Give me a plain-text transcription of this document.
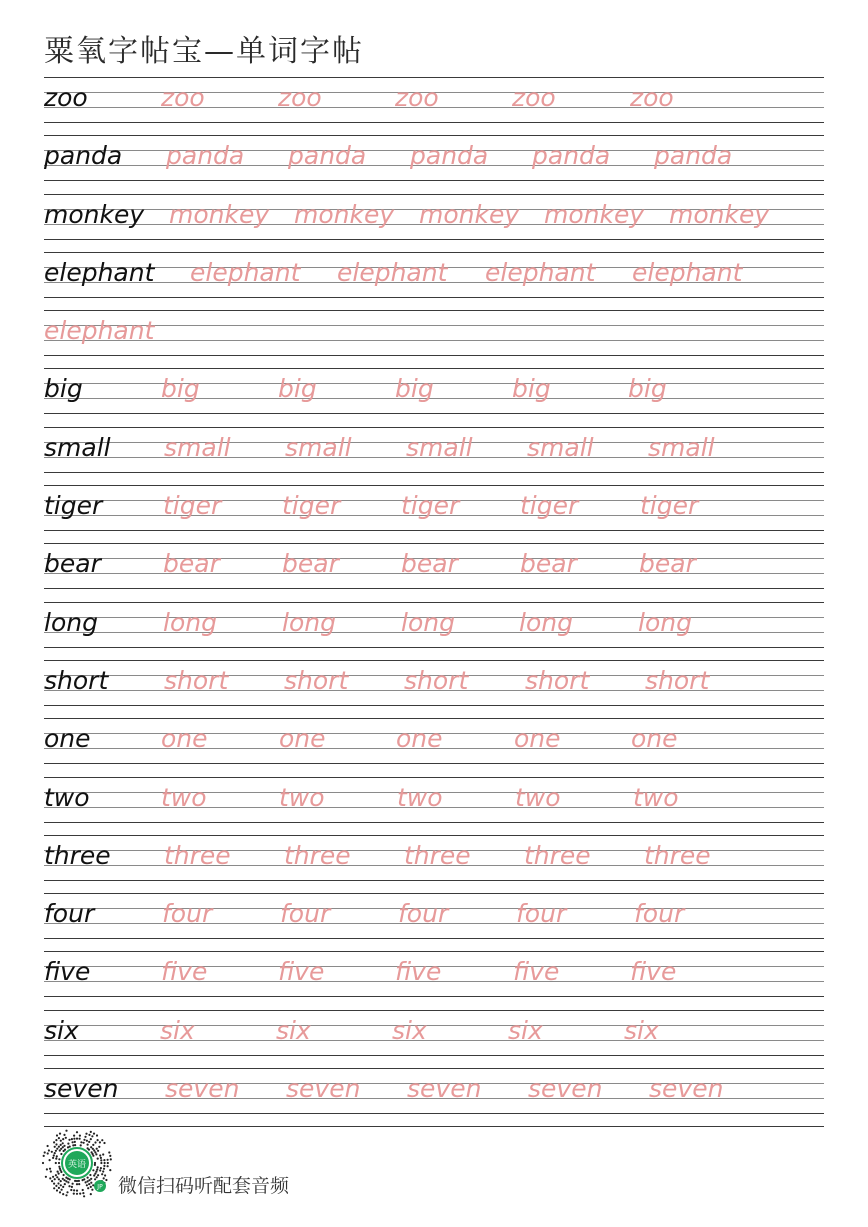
粟氧字帖宝—单词字帖
zoo	zoo	zoo	zoo	zoo	zoo
panda panda panda panda panda panda
monkey monkey monkey monkey monkey monkey
elephant elephant elephant elephant elephant
elephant
big	big	big	big	big	big
small small small small small small
tiger tiger tiger tiger tiger tiger
bear bear bear bear bear bear
long	long	long	long	long	long
short short short short short short
one	one	one	one	one	one
two	two	two	two	two	two
three three three three three three
four	four	four	four	four	four
five	five	five	five	five	five
six	six	six	six	six	six
seven seven seven seven seven seven
英语
JP 微信扫码听配套音频
